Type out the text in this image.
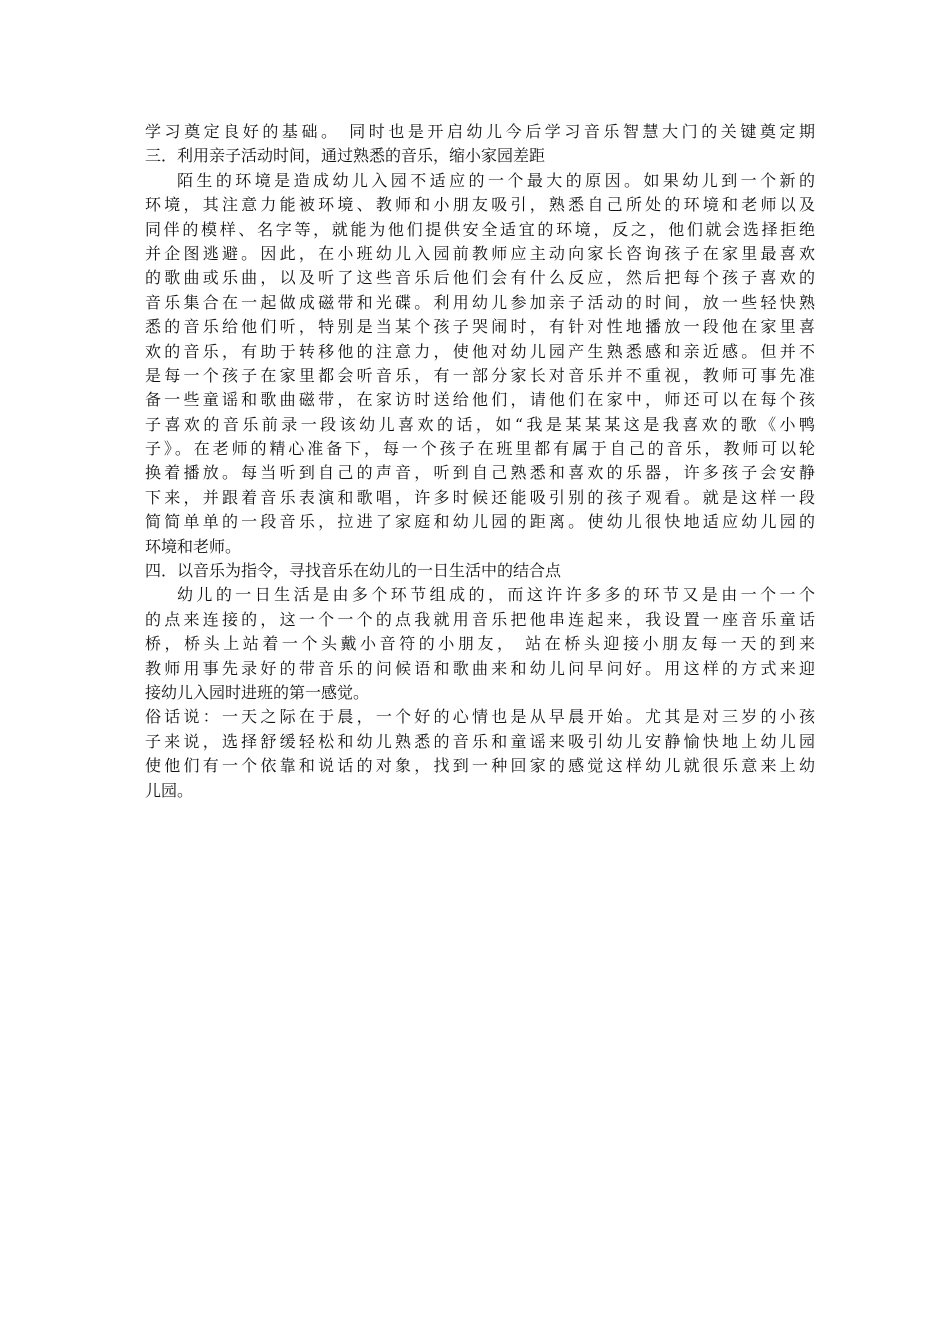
学习奠定良好的基础。 同时也是开启幼儿今后学习音乐智慧大门的关键奠定期
三．利用亲子活动时间，通过熟悉的音乐，缩小家园差距
陌生的环境是造成幼儿入园不适应的一个最大的原因。如果幼儿到一个新的
环境，其注意力能被环境、教师和小朋友吸引，熟悉自己所处的环境和老师以及
同伴的模样、名字等，就能为他们提供安全适宜的环境，反之，他们就会选择拒绝
并企图逃避。因此，在小班幼儿入园前教师应主动向家长咨询孩子在家里最喜欢
的歌曲或乐曲，以及听了这些音乐后他们会有什么反应，然后把每个孩子喜欢的
音乐集合在一起做成磁带和光碟。利用幼儿参加亲子活动的时间，放一些轻快熟
悉的音乐给他们听，特别是当某个孩子哭闹时，有针对性地播放一段他在家里喜
欢的音乐，有助于转移他的注意力，使他对幼儿园产生熟悉感和亲近感。但并不
是每一个孩子在家里都会听音乐，有一部分家长对音乐并不重视，教师可事先准
备一些童谣和歌曲磁带，在家访时送给他们，请他们在家中，师还可以在每个孩
子喜欢的音乐前录一段该幼儿喜欢的话，如“我是某某某这是我喜欢的歌《小鸭
子》。在老师的精心准备下，每一个孩子在班里都有属于自己的音乐，教师可以轮
换着播放。每当听到自己的声音，听到自己熟悉和喜欢的乐器，许多孩子会安静
下来，并跟着音乐表演和歌唱，许多时候还能吸引别的孩子观看。就是这样一段
简简单单的一段音乐，拉进了家庭和幼儿园的距离。使幼儿很快地适应幼儿园的
环境和老师。
四．以音乐为指令，寻找音乐在幼儿的一日生活中的结合点
幼儿的一日生活是由多个环节组成的，而这许许多多的环节又是由一个一个
的点来连接的，这一个一个的点我就用音乐把他串连起来，我设置一座音乐童话
桥，桥头上站着一个头戴小音符的小朋友， 站在桥头迎接小朋友每一天的到来
教师用事先录好的带音乐的问候语和歌曲来和幼儿问早问好。用这样的方式来迎
接幼儿入园时进班的第一感觉。
俗话说：一天之际在于晨，一个好的心情也是从早晨开始。尤其是对三岁的小孩
子来说，选择舒缓轻松和幼儿熟悉的音乐和童谣来吸引幼儿安静愉快地上幼儿园
使他们有一个依靠和说话的对象，找到一种回家的感觉这样幼儿就很乐意来上幼
儿园。
